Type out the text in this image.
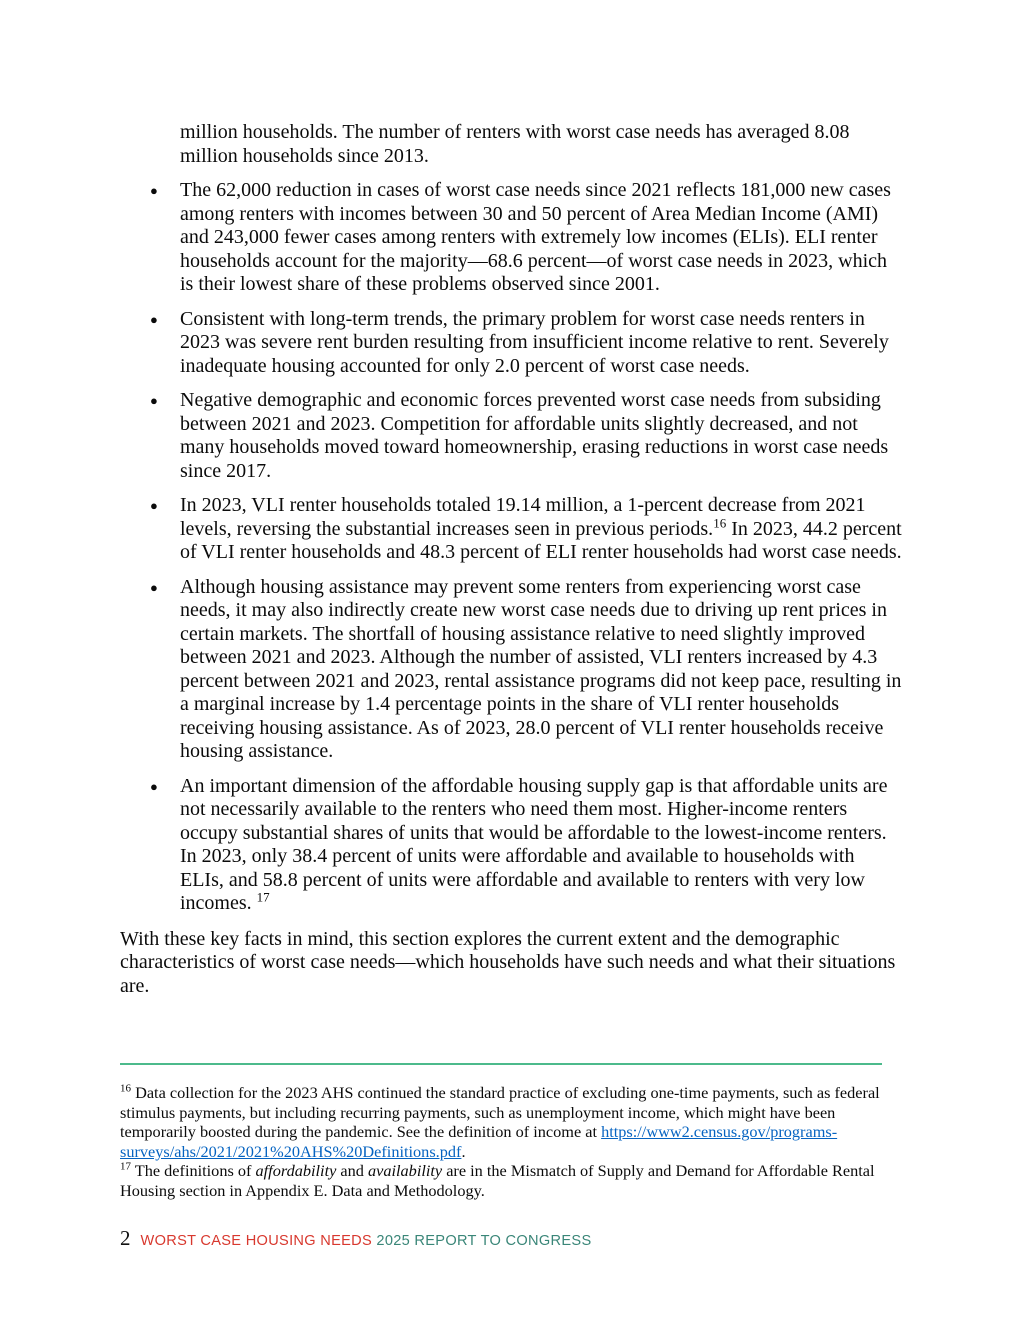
million households. The number of renters with worst case needs has averaged 8.08 million households since 2013.
●	The 62,000 reduction in cases of worst case needs since 2021 reflects 181,000 new cases among renters with incomes between 30 and 50 percent of Area Median Income (AMI) and 243,000 fewer cases among renters with extremely low incomes (ELIs). ELI renter households account for the majority—68.6 percent—of worst case needs in 2023, which is their lowest share of these problems observed since 2001.
●	Consistent with long-term trends, the primary problem for worst case needs renters in 2023 was severe rent burden resulting from insufficient income relative to rent. Severely inadequate housing accounted for only 2.0 percent of worst case needs.
●	Negative demographic and economic forces prevented worst case needs from subsiding between 2021 and 2023. Competition for affordable units slightly decreased, and not many households moved toward homeownership, erasing reductions in worst case needs since 2017.
●	In 2023, VLI renter households totaled 19.14 million, a 1-percent decrease from 2021 levels, reversing the substantial increases seen in previous periods.$^{16}$ In 2023, 44.2 percent of VLI renter households and 48.3 percent of ELI renter households had worst case needs.
●	Although housing assistance may prevent some renters from experiencing worst case needs, it may also indirectly create new worst case needs due to driving up rent prices in certain markets. The shortfall of housing assistance relative to need slightly improved between 2021 and 2023. Although the number of assisted, VLI renters increased by 4.3 percent between 2021 and 2023, rental assistance programs did not keep pace, resulting in a marginal increase by 1.4 percentage points in the share of VLI renter households receiving housing assistance. As of 2023, 28.0 percent of VLI renter households receive housing assistance.
●	An important dimension of the affordable housing supply gap is that affordable units are not necessarily available to the renters who need them most. Higher-income renters occupy substantial shares of units that would be affordable to the lowest-income renters. In 2023, only 38.4 percent of units were affordable and available to households with ELIs, and 58.8 percent of units were affordable and available to renters with very low incomes. $^{17}$
With these key facts in mind, this section explores the current extent and the demographic characteristics of worst case needs—which households have such needs and what their situations are.

$^{16}$ Data collection for the 2023 AHS continued the standard practice of excluding one-time payments, such as federal stimulus payments, but including recurring payments, such as unemployment income, which might have been temporarily boosted during the pandemic. See the definition of income at https://www2.census.gov/programs-surveys/ahs/2021/2021%20AHS%20Definitions.pdf.

$^{17}$ The definitions of affordability and availability are in the Mismatch of Supply and Demand for Affordable Rental Housing section in Appendix E. Data and Methodology.

2 WORST CASE HOUSING NEEDS 2025 REPORT TO CONGRESS
